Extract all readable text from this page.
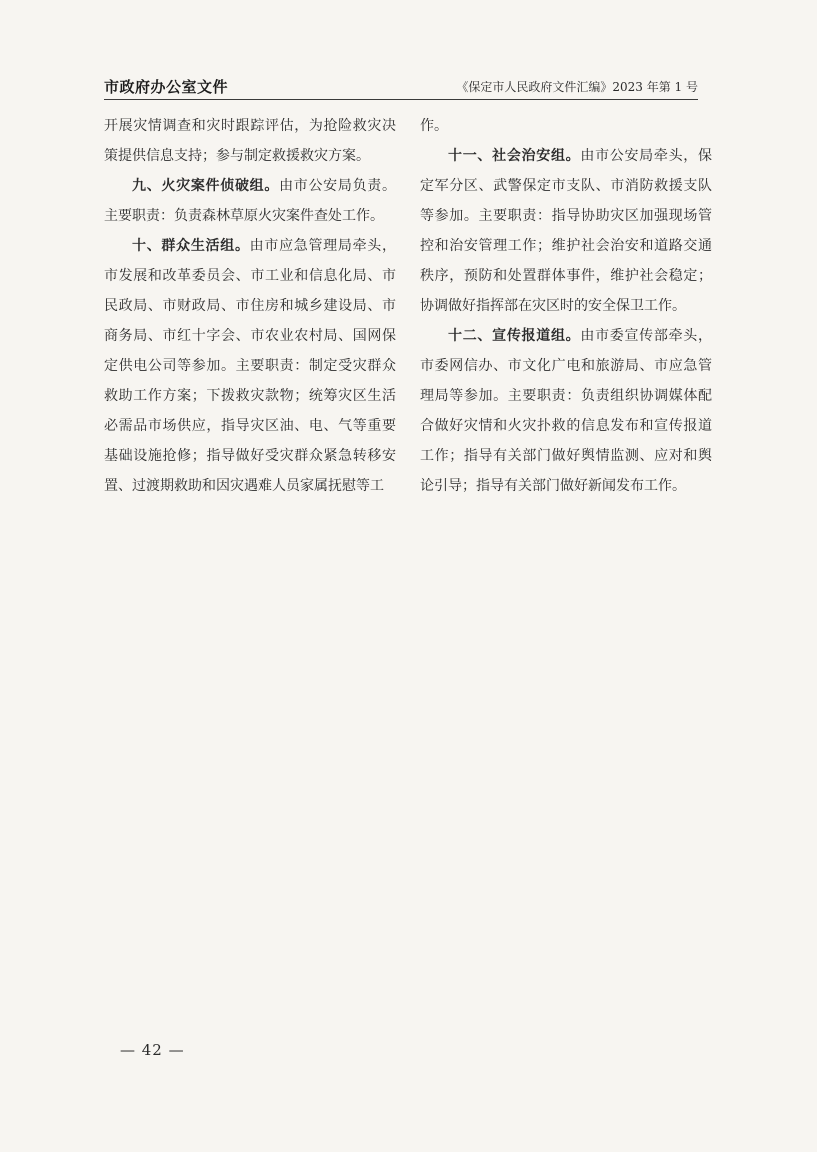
市政府办公室文件	《保定市人民政府文件汇编》2023 年第 1 号

开展灾情调查和灾时跟踪评估，为抢险救灾决策提供信息支持；参与制定救援救灾方案。

九、火灾案件侦破组。由市公安局负责。主要职责：负责森林草原火灾案件查处工作。

十、群众生活组。由市应急管理局牵头，市发展和改革委员会、市工业和信息化局、市民政局、市财政局、市住房和城乡建设局、市商务局、市红十字会、市农业农村局、国网保定供电公司等参加。主要职责：制定受灾群众救助工作方案；下拨救灾款物；统筹灾区生活必需品市场供应，指导灾区油、电、气等重要基础设施抢修；指导做好受灾群众紧急转移安置、过渡期救助和因灾遇难人员家属抚慰等工

作。

十一、社会治安组。由市公安局牵头，保定军分区、武警保定市支队、市消防救援支队等参加。主要职责：指导协助灾区加强现场管控和治安管理工作；维护社会治安和道路交通秩序，预防和处置群体事件，维护社会稳定；协调做好指挥部在灾区时的安全保卫工作。

十二、宣传报道组。由市委宣传部牵头，市委网信办、市文化广电和旅游局、市应急管理局等参加。主要职责：负责组织协调媒体配合做好灾情和火灾扑救的信息发布和宣传报道工作；指导有关部门做好舆情监测、应对和舆论引导；指导有关部门做好新闻发布工作。

— 42 —
